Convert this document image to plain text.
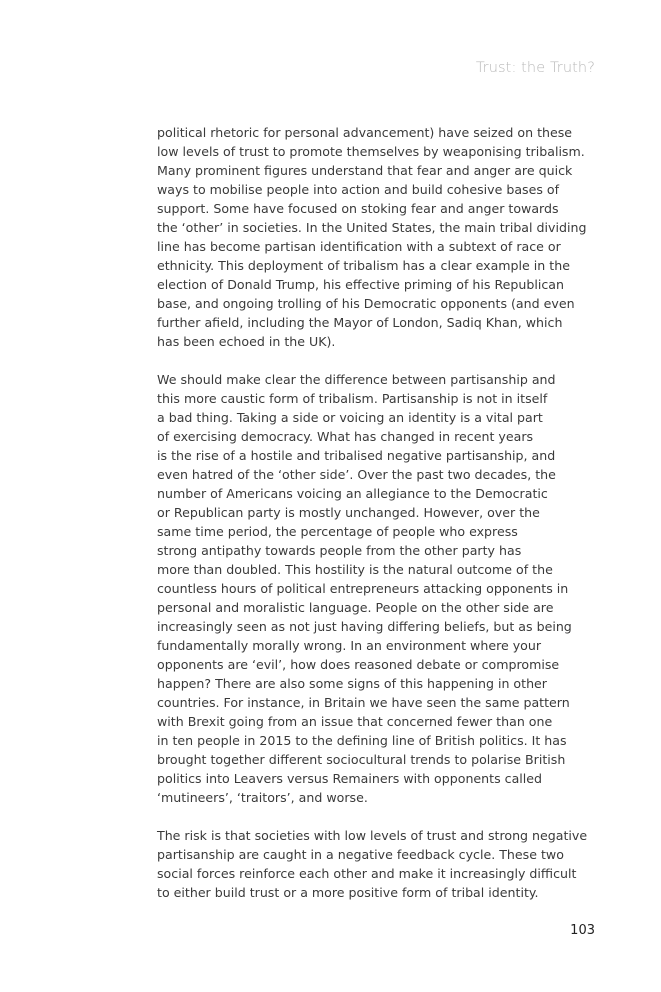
Trust: the Truth?

political rhetoric for personal advancement) have seized on these
low levels of trust to promote themselves by weaponising tribalism.
Many prominent figures understand that fear and anger are quick
ways to mobilise people into action and build cohesive bases of
support. Some have focused on stoking fear and anger towards
the ‘other’ in societies. In the United States, the main tribal dividing
line has become partisan identification with a subtext of race or
ethnicity. This deployment of tribalism has a clear example in the
election of Donald Trump, his effective priming of his Republican
base, and ongoing trolling of his Democratic opponents (and even
further afield, including the Mayor of London, Sadiq Khan, which
has been echoed in the UK).

We should make clear the difference between partisanship and
this more caustic form of tribalism. Partisanship is not in itself
a bad thing. Taking a side or voicing an identity is a vital part
of exercising democracy. What has changed in recent years
is the rise of a hostile and tribalised negative partisanship, and
even hatred of the ‘other side’. Over the past two decades, the
number of Americans voicing an allegiance to the Democratic
or Republican party is mostly unchanged. However, over the
same time period, the percentage of people who express
strong antipathy towards people from the other party has
more than doubled. This hostility is the natural outcome of the
countless hours of political entrepreneurs attacking opponents in
personal and moralistic language. People on the other side are
increasingly seen as not just having differing beliefs, but as being
fundamentally morally wrong. In an environment where your
opponents are ‘evil’, how does reasoned debate or compromise
happen? There are also some signs of this happening in other
countries. For instance, in Britain we have seen the same pattern
with Brexit going from an issue that concerned fewer than one
in ten people in 2015 to the defining line of British politics. It has
brought together different sociocultural trends to polarise British
politics into Leavers versus Remainers with opponents called
‘mutineers’, ‘traitors’, and worse.

The risk is that societies with low levels of trust and strong negative
partisanship are caught in a negative feedback cycle. These two
social forces reinforce each other and make it increasingly difficult
to either build trust or a more positive form of tribal identity.

103
